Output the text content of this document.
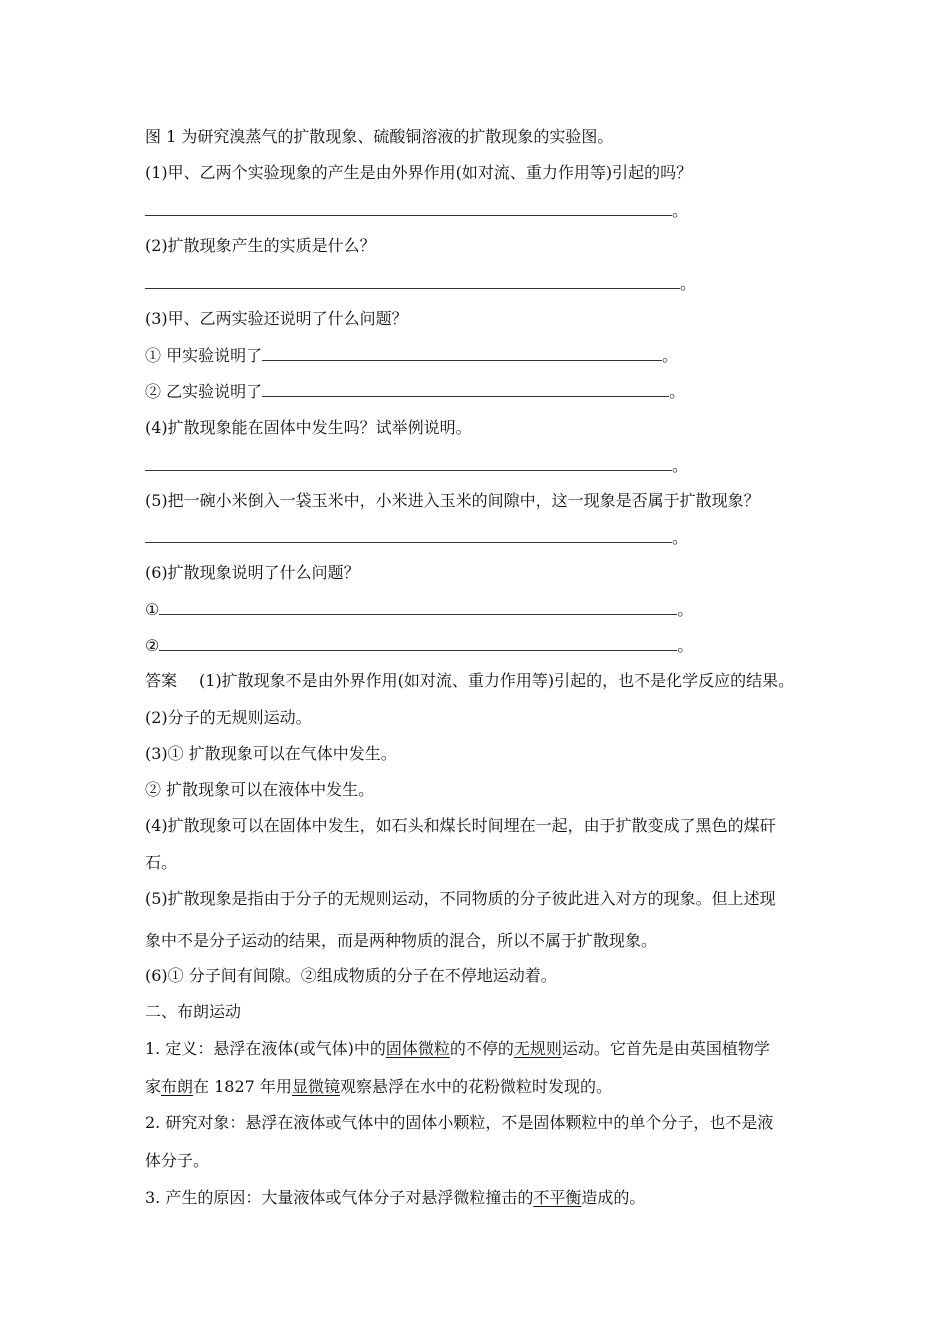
图 1 为研究溴蒸气的扩散现象、硫酸铜溶液的扩散现象的实验图。
(1)甲、乙两个实验现象的产生是由外界作用(如对流、重力作用等)引起的吗？
。
(2)扩散现象产生的实质是什么？
。
(3)甲、乙两实验还说明了什么问题？
① 甲实验说明了	。
② 乙实验说明了	。
(4)扩散现象能在固体中发生吗？试举例说明。
。
(5)把一碗小米倒入一袋玉米中，小米进入玉米的间隙中，这一现象是否属于扩散现象？
。
(6)扩散现象说明了什么问题？
①	。
②	。
答案 (1)扩散现象不是由外界作用(如对流、重力作用等)引起的，也不是化学反应的结果。
(2)分子的无规则运动。
(3)① 扩散现象可以在气体中发生。
② 扩散现象可以在液体中发生。
(4)扩散现象可以在固体中发生，如石头和煤长时间埋在一起，由于扩散变成了黑色的煤矸
石。
(5)扩散现象是指由于分子的无规则运动，不同物质的分子彼此进入对方的现象。但上述现
象中不是分子运动的结果，而是两种物质的混合，所以不属于扩散现象。
(6)① 分子间有间隙。②组成物质的分子在不停地运动着。
二、布朗运动
1. 定义：悬浮在液体(或气体)中的固体微粒的不停的无规则运动。它首先是由英国植物学
家布朗在 1827 年用显微镜观察悬浮在水中的花粉微粒时发现的。
2. 研究对象：悬浮在液体或气体中的固体小颗粒，不是固体颗粒中的单个分子，也不是液
体分子。
3. 产生的原因：大量液体或气体分子对悬浮微粒撞击的不平衡造成的。
